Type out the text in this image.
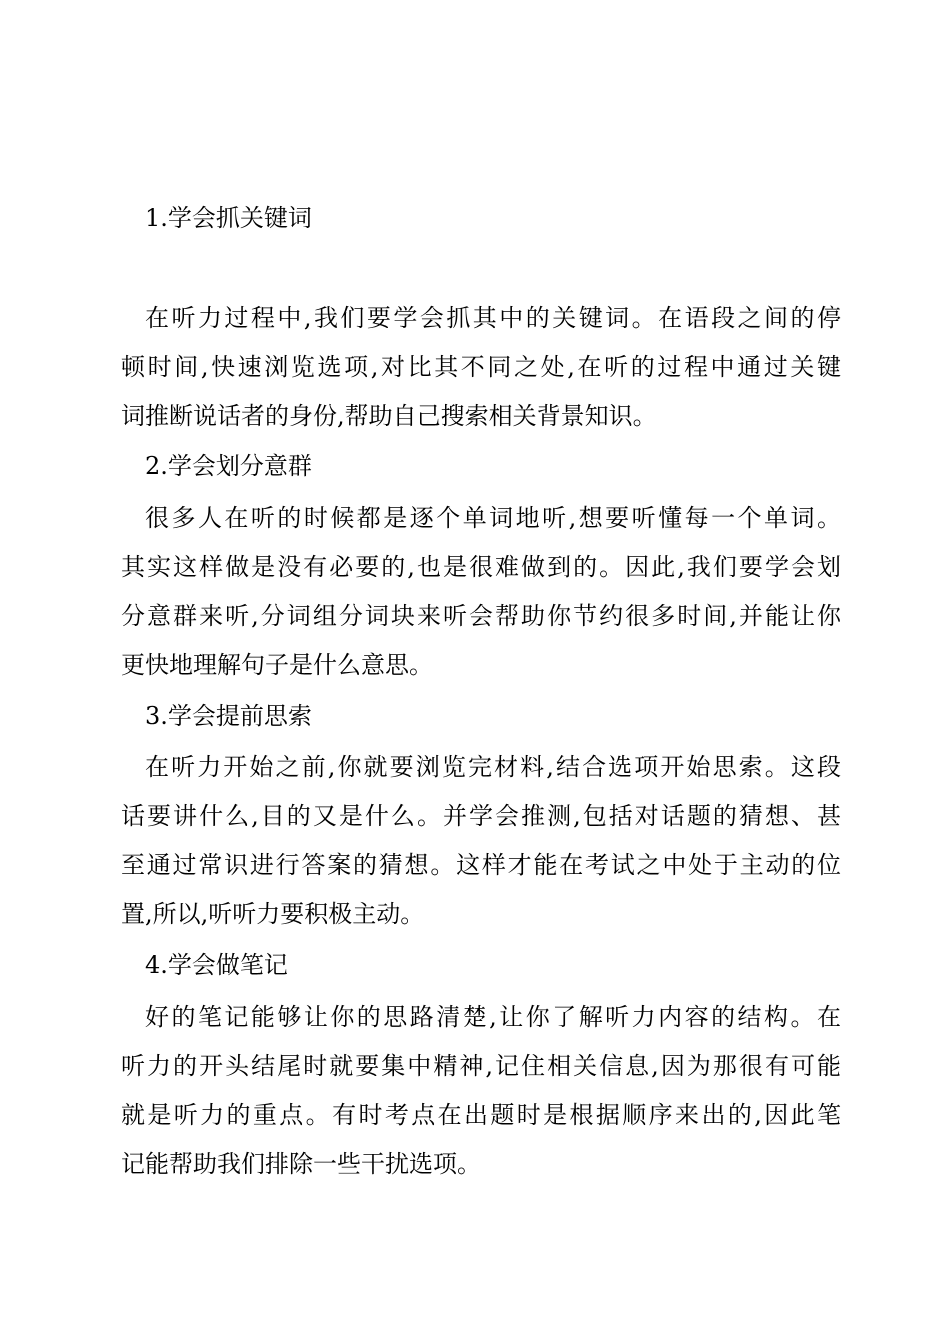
1.学会抓关键词
在听力过程中,我们要学会抓其中的关键词。在语段之间的停
顿时间,快速浏览选项,对比其不同之处,在听的过程中通过关键
词推断说话者的身份,帮助自己搜索相关背景知识。
2.学会划分意群
很多人在听的时候都是逐个单词地听,想要听懂每一个单词。
其实这样做是没有必要的,也是很难做到的。因此,我们要学会划
分意群来听,分词组分词块来听会帮助你节约很多时间,并能让你
更快地理解句子是什么意思。
3.学会提前思索
在听力开始之前,你就要浏览完材料,结合选项开始思索。这段
话要讲什么,目的又是什么。并学会推测,包括对话题的猜想、甚
至通过常识进行答案的猜想。这样才能在考试之中处于主动的位
置,所以,听听力要积极主动。
4.学会做笔记
好的笔记能够让你的思路清楚,让你了解听力内容的结构。在
听力的开头结尾时就要集中精神,记住相关信息,因为那很有可能
就是听力的重点。有时考点在出题时是根据顺序来出的,因此笔
记能帮助我们排除一些干扰选项。
